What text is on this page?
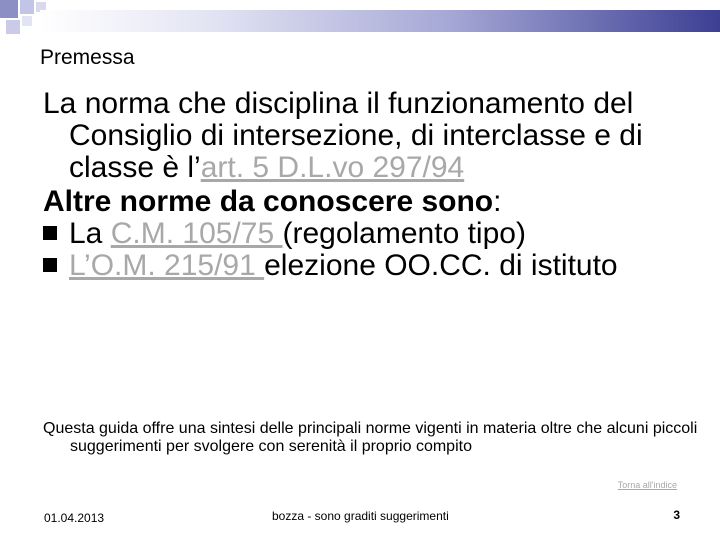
Premessa

La norma che disciplina il funzionamento del Consiglio di intersezione, di interclasse e di classe è l’art. 5 D.L.vo 297/94

Altre norme da conoscere sono:

La C.M. 105/75 (regolamento tipo)

L’O.M. 215/91 elezione OO.CC. di istituto

Questa guida offre una sintesi delle principali norme vigenti in materia oltre che alcuni piccoli suggerimenti per svolgere con serenità il proprio compito
Torna all'indice
01.04.2013	bozza - sono graditi suggerimenti	3
